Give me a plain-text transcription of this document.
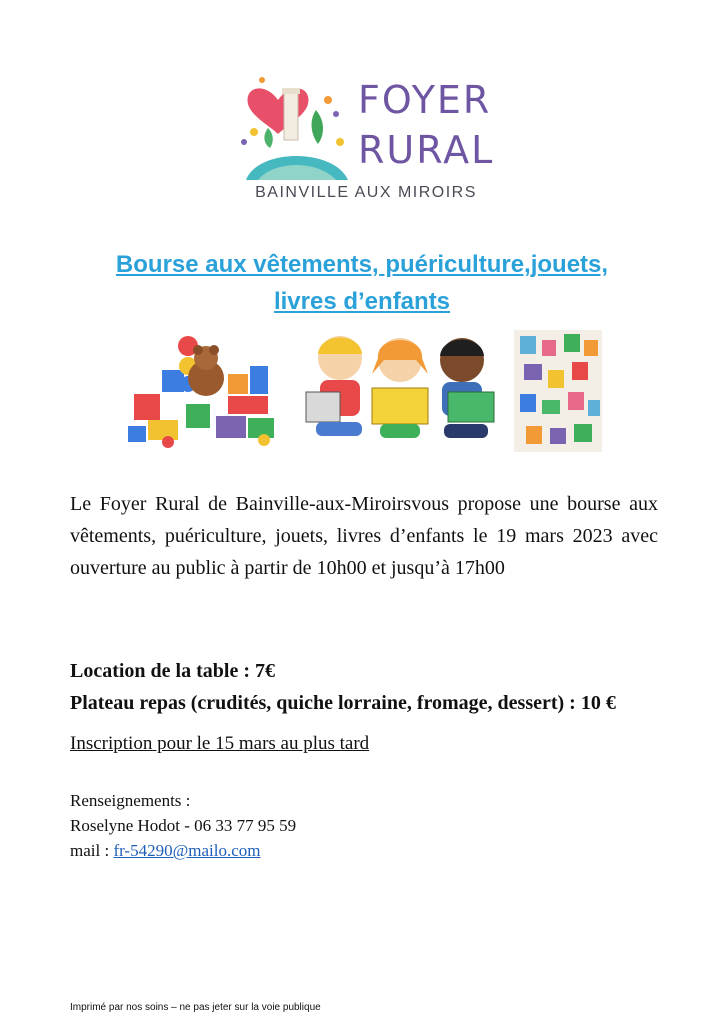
FOYER
RURAL
BAINVILLE AUX MIROIRS
Bourse aux vêtements, puériculture,jouets,
livres d’enfants
Le Foyer Rural de Bainville-aux-Miroirsvous propose une bourse aux vêtements, puériculture, jouets, livres d’enfants le 19 mars 2023 avec ouverture au public à partir de 10h00 et jusqu’à 17h00
Location de la table : 7€
Plateau repas (crudités, quiche lorraine, fromage, dessert) : 10 €
Inscription pour le 15 mars au plus tard
Renseignements :
Roselyne Hodot - 06 33 77 95 59
mail : fr-54290@mailo.com
Imprimé par nos soins – ne pas jeter sur la voie publique
